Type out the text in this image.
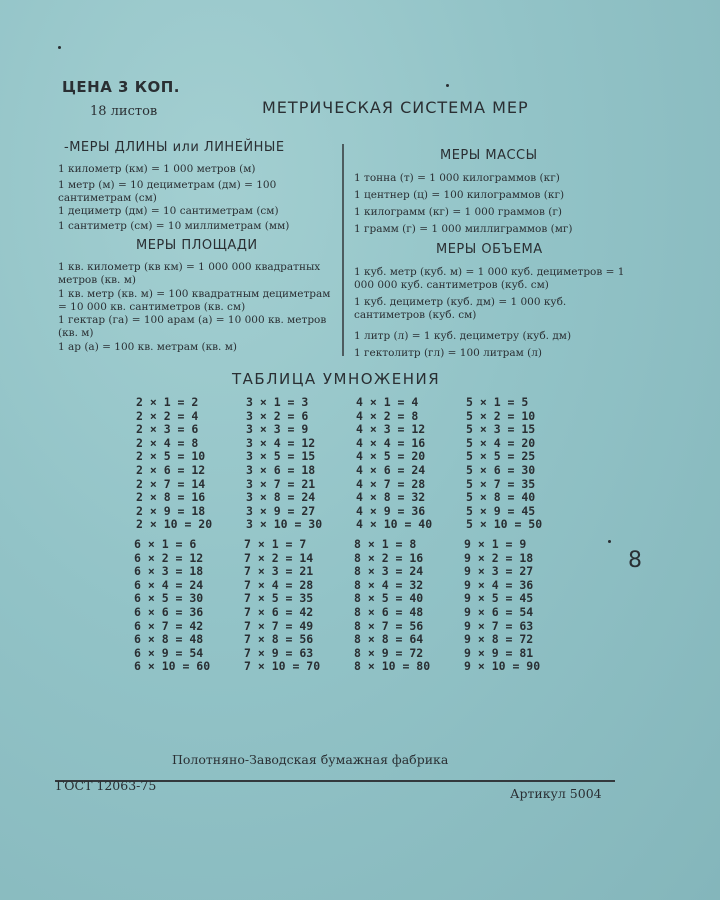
ЦЕНА 3 КОП.
18 листов	МЕТРИЧЕСКАЯ СИСТЕМА МЕР
-МЕРЫ ДЛИНЫ или ЛИНЕЙНЫЕ
1 километр (км) = 1 000 метров (м)
1 метр (м) = 10 дециметрам (дм) = 100 сантиметрам (см)
1 дециметр (дм) = 10 сантиметрам (см)
1 сантиметр (см) = 10 миллиметрам (мм)
МЕРЫ ПЛОЩАДИ
1 кв. километр (кв км) = 1 000 000 квадратных метров (кв. м)
1 кв. метр (кв. м) = 100 квадратным дециметрам = 10 000 кв. сантиметров (кв. см)
1 гектар (га) = 100 арам (а) = 10 000 кв. метров (кв. м)
1 ар (а) = 100 кв. метрам (кв. м)
МЕРЫ МАССЫ
1 тонна (т) = 1 000 килограммов (кг)
1 центнер (ц) = 100 килограммов (кг)
1 килограмм (кг) = 1 000 граммов (г)
1 грамм (г) = 1 000 миллиграммов (мг)
МЕРЫ ОБЪЕМА
1 куб. метр (куб. м) = 1 000 куб. дециметров = 1 000 000 куб. сантиметров (куб. см)
1 куб. дециметр (куб. дм) = 1 000 куб. сантиметров (куб. см)
1 литр (л) = 1 куб. дециметру (куб. дм)
1 гектолитр (гл) = 100 литрам (л)
ТАБЛИЦА УМНОЖЕНИЯ
2 × 1 = 2
2 × 2 = 4
2 × 3 = 6
2 × 4 = 8
2 × 5 = 10
2 × 6 = 12
2 × 7 = 14
2 × 8 = 16
2 × 9 = 18
2 × 10 = 20
3 × 1 = 3
3 × 2 = 6
3 × 3 = 9
3 × 4 = 12
3 × 5 = 15
3 × 6 = 18
3 × 7 = 21
3 × 8 = 24
3 × 9 = 27
3 × 10 = 30
4 × 1 = 4
4 × 2 = 8
4 × 3 = 12
4 × 4 = 16
4 × 5 = 20
4 × 6 = 24
4 × 7 = 28
4 × 8 = 32
4 × 9 = 36
4 × 10 = 40
5 × 1 = 5
5 × 2 = 10
5 × 3 = 15
5 × 4 = 20
5 × 5 = 25
5 × 6 = 30
5 × 7 = 35
5 × 8 = 40
5 × 9 = 45
5 × 10 = 50
6 × 1 = 6
6 × 2 = 12
6 × 3 = 18
6 × 4 = 24
6 × 5 = 30
6 × 6 = 36
6 × 7 = 42
6 × 8 = 48
6 × 9 = 54
6 × 10 = 60
7 × 1 = 7
7 × 2 = 14
7 × 3 = 21
7 × 4 = 28
7 × 5 = 35
7 × 6 = 42
7 × 7 = 49
7 × 8 = 56
7 × 9 = 63
7 × 10 = 70
8 × 1 = 8
8 × 2 = 16
8 × 3 = 24
8 × 4 = 32
8 × 5 = 40
8 × 6 = 48
8 × 7 = 56
8 × 8 = 64
8 × 9 = 72
8 × 10 = 80
9 × 1 = 9
9 × 2 = 18
9 × 3 = 27
9 × 4 = 36
9 × 5 = 45
9 × 6 = 54
9 × 7 = 63
9 × 8 = 72
9 × 9 = 81
9 × 10 = 90
8
Полотняно-Заводская бумажная фабрика
ГОСТ 12063-75
Артикул 5004
